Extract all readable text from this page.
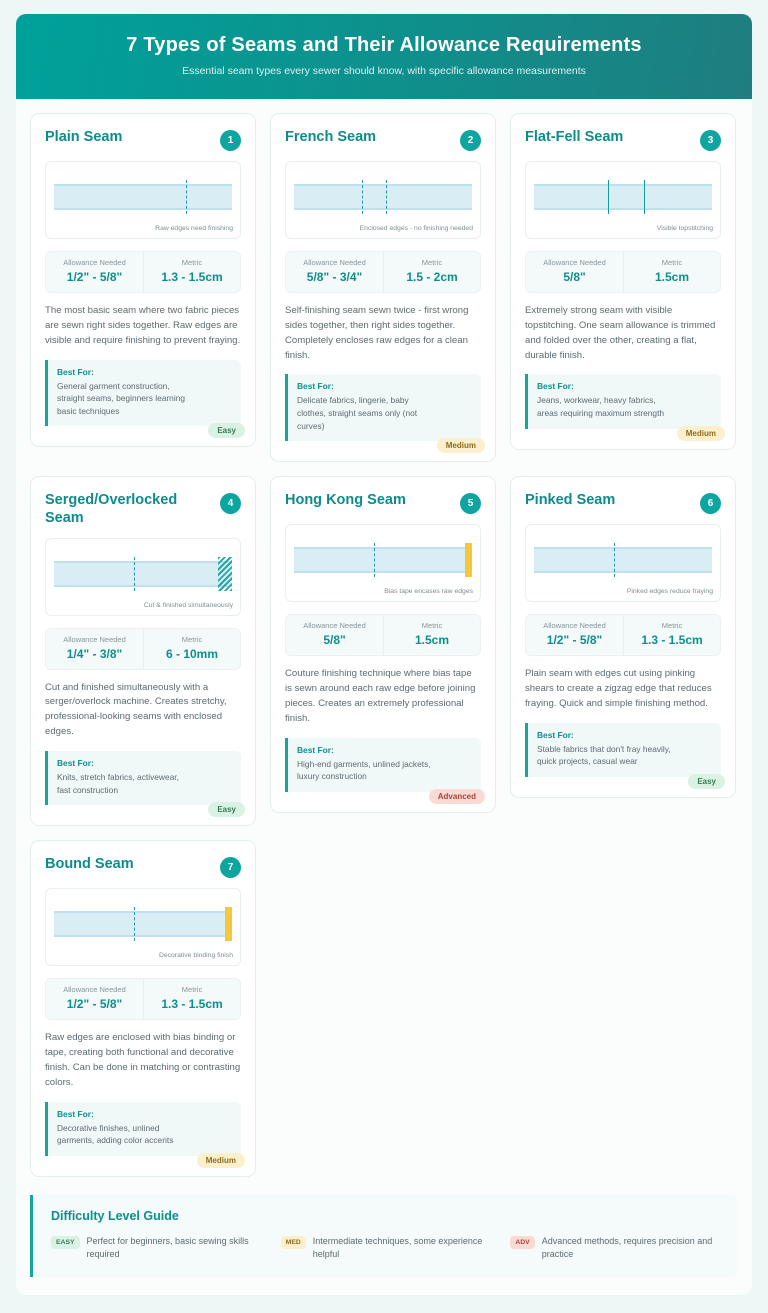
7 Types of Seams and Their Allowance Requirements

Essential seam types every sewer should know, with specific allowance measurements

Plain Seam	1
Raw edges need finishing
Allowance Needed
1/2" - 5/8"
Metric
1.3 - 1.5cm
The most basic seam where two fabric pieces are sewn right sides together. Raw edges are visible and require finishing to prevent fraying.
Best For:
General garment construction, straight seams, beginners learning basic techniques
Easy
French Seam	2
Enclosed edges - no finishing needed
Allowance Needed
5/8" - 3/4"
Metric
1.5 - 2cm
Self-finishing seam sewn twice - first wrong sides together, then right sides together. Completely encloses raw edges for a clean finish.
Best For:
Delicate fabrics, lingerie, baby clothes, straight seams only (not curves)
Medium
Flat-Fell Seam	3
Visible topstitching
Allowance Needed
5/8"
Metric
1.5cm
Extremely strong seam with visible topstitching. One seam allowance is trimmed and folded over the other, creating a flat, durable finish.
Best For:
Jeans, workwear, heavy fabrics, areas requiring maximum strength
Medium
Serged/Overlocked Seam
4
Cut & finished simultaneously
Allowance Needed
1/4" - 3/8"
Metric
6 - 10mm
Cut and finished simultaneously with a serger/overlock machine. Creates stretchy, professional-looking seams with enclosed edges.
Best For:
Knits, stretch fabrics, activewear, fast construction
Easy
Hong Kong Seam	5
Bias tape encases raw edges
Allowance Needed
5/8"
Metric
1.5cm
Couture finishing technique where bias tape is sewn around each raw edge before joining pieces. Creates an extremely professional finish.
Best For:
High-end garments, unlined jackets, luxury construction
Advanced
Pinked Seam	6
Pinked edges reduce fraying
Allowance Needed
1/2" - 5/8"
Metric
1.3 - 1.5cm
Plain seam with edges cut using pinking shears to create a zigzag edge that reduces fraying. Quick and simple finishing method.
Best For:
Stable fabrics that don't fray heavily, quick projects, casual wear
Easy
Bound Seam	7
Decorative binding finish
Allowance Needed
1/2" - 5/8"
Metric
1.3 - 1.5cm
Raw edges are enclosed with bias binding or tape, creating both functional and decorative finish. Can be done in matching or contrasting colors.
Best For:
Decorative finishes, unlined garments, adding color accents
Medium
Difficulty Level Guide
EASY	Perfect for beginners, basic sewing skills required
MED	Intermediate techniques, some experience helpful
ADV	Advanced methods, requires precision and practice
